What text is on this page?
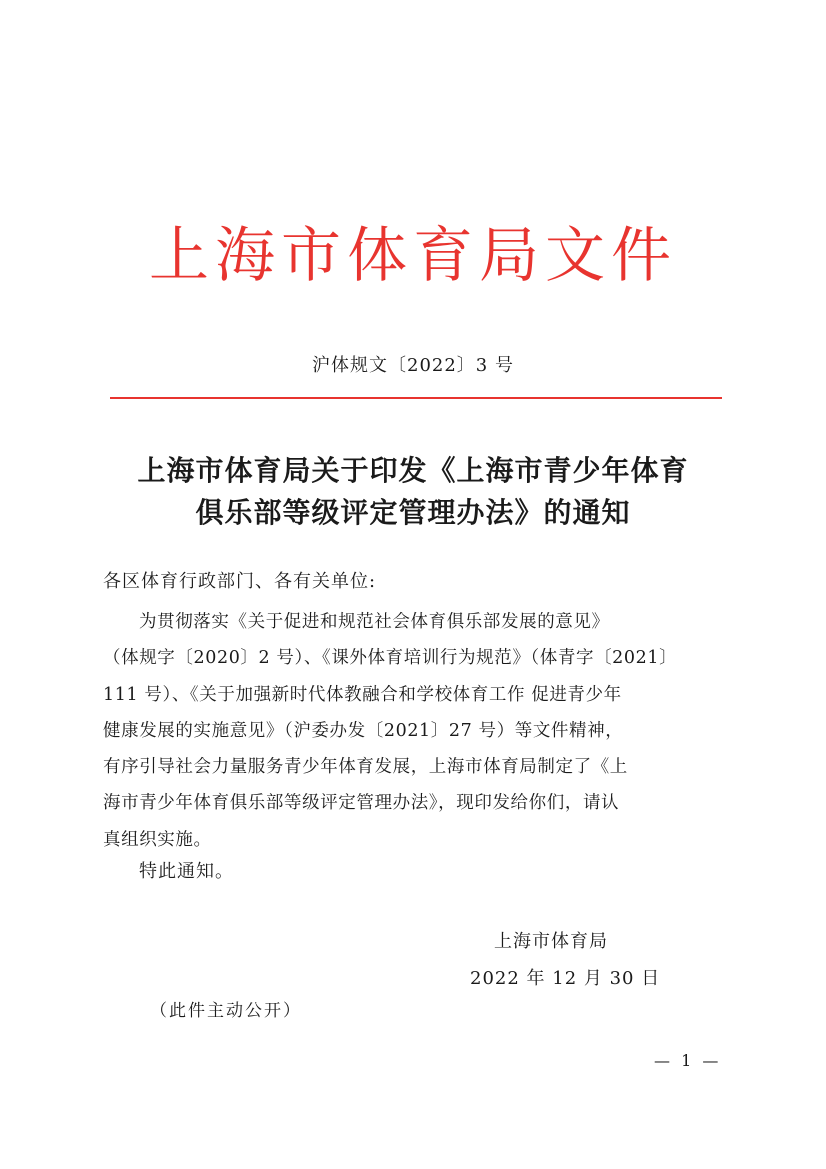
上海市体育局文件
沪体规文〔2022〕3 号
上海市体育局关于印发《上海市青少年体育
俱乐部等级评定管理办法》的通知
各区体育行政部门、各有关单位:
为贯彻落实《关于促进和规范社会体育俱乐部发展的意见》
（体规字〔2020〕2 号）、《课外体育培训行为规范》（体青字〔2021〕
111 号）、《关于加强新时代体教融合和学校体育工作 促进青少年
健康发展的实施意见》（沪委办发〔2021〕27 号）等文件精神，
有序引导社会力量服务青少年体育发展，上海市体育局制定了《上
海市青少年体育俱乐部等级评定管理办法》，现印发给你们，请认
真组织实施。
特此通知。
上海市体育局
2022 年 12 月 30 日
（此件主动公开）
— 1 —
